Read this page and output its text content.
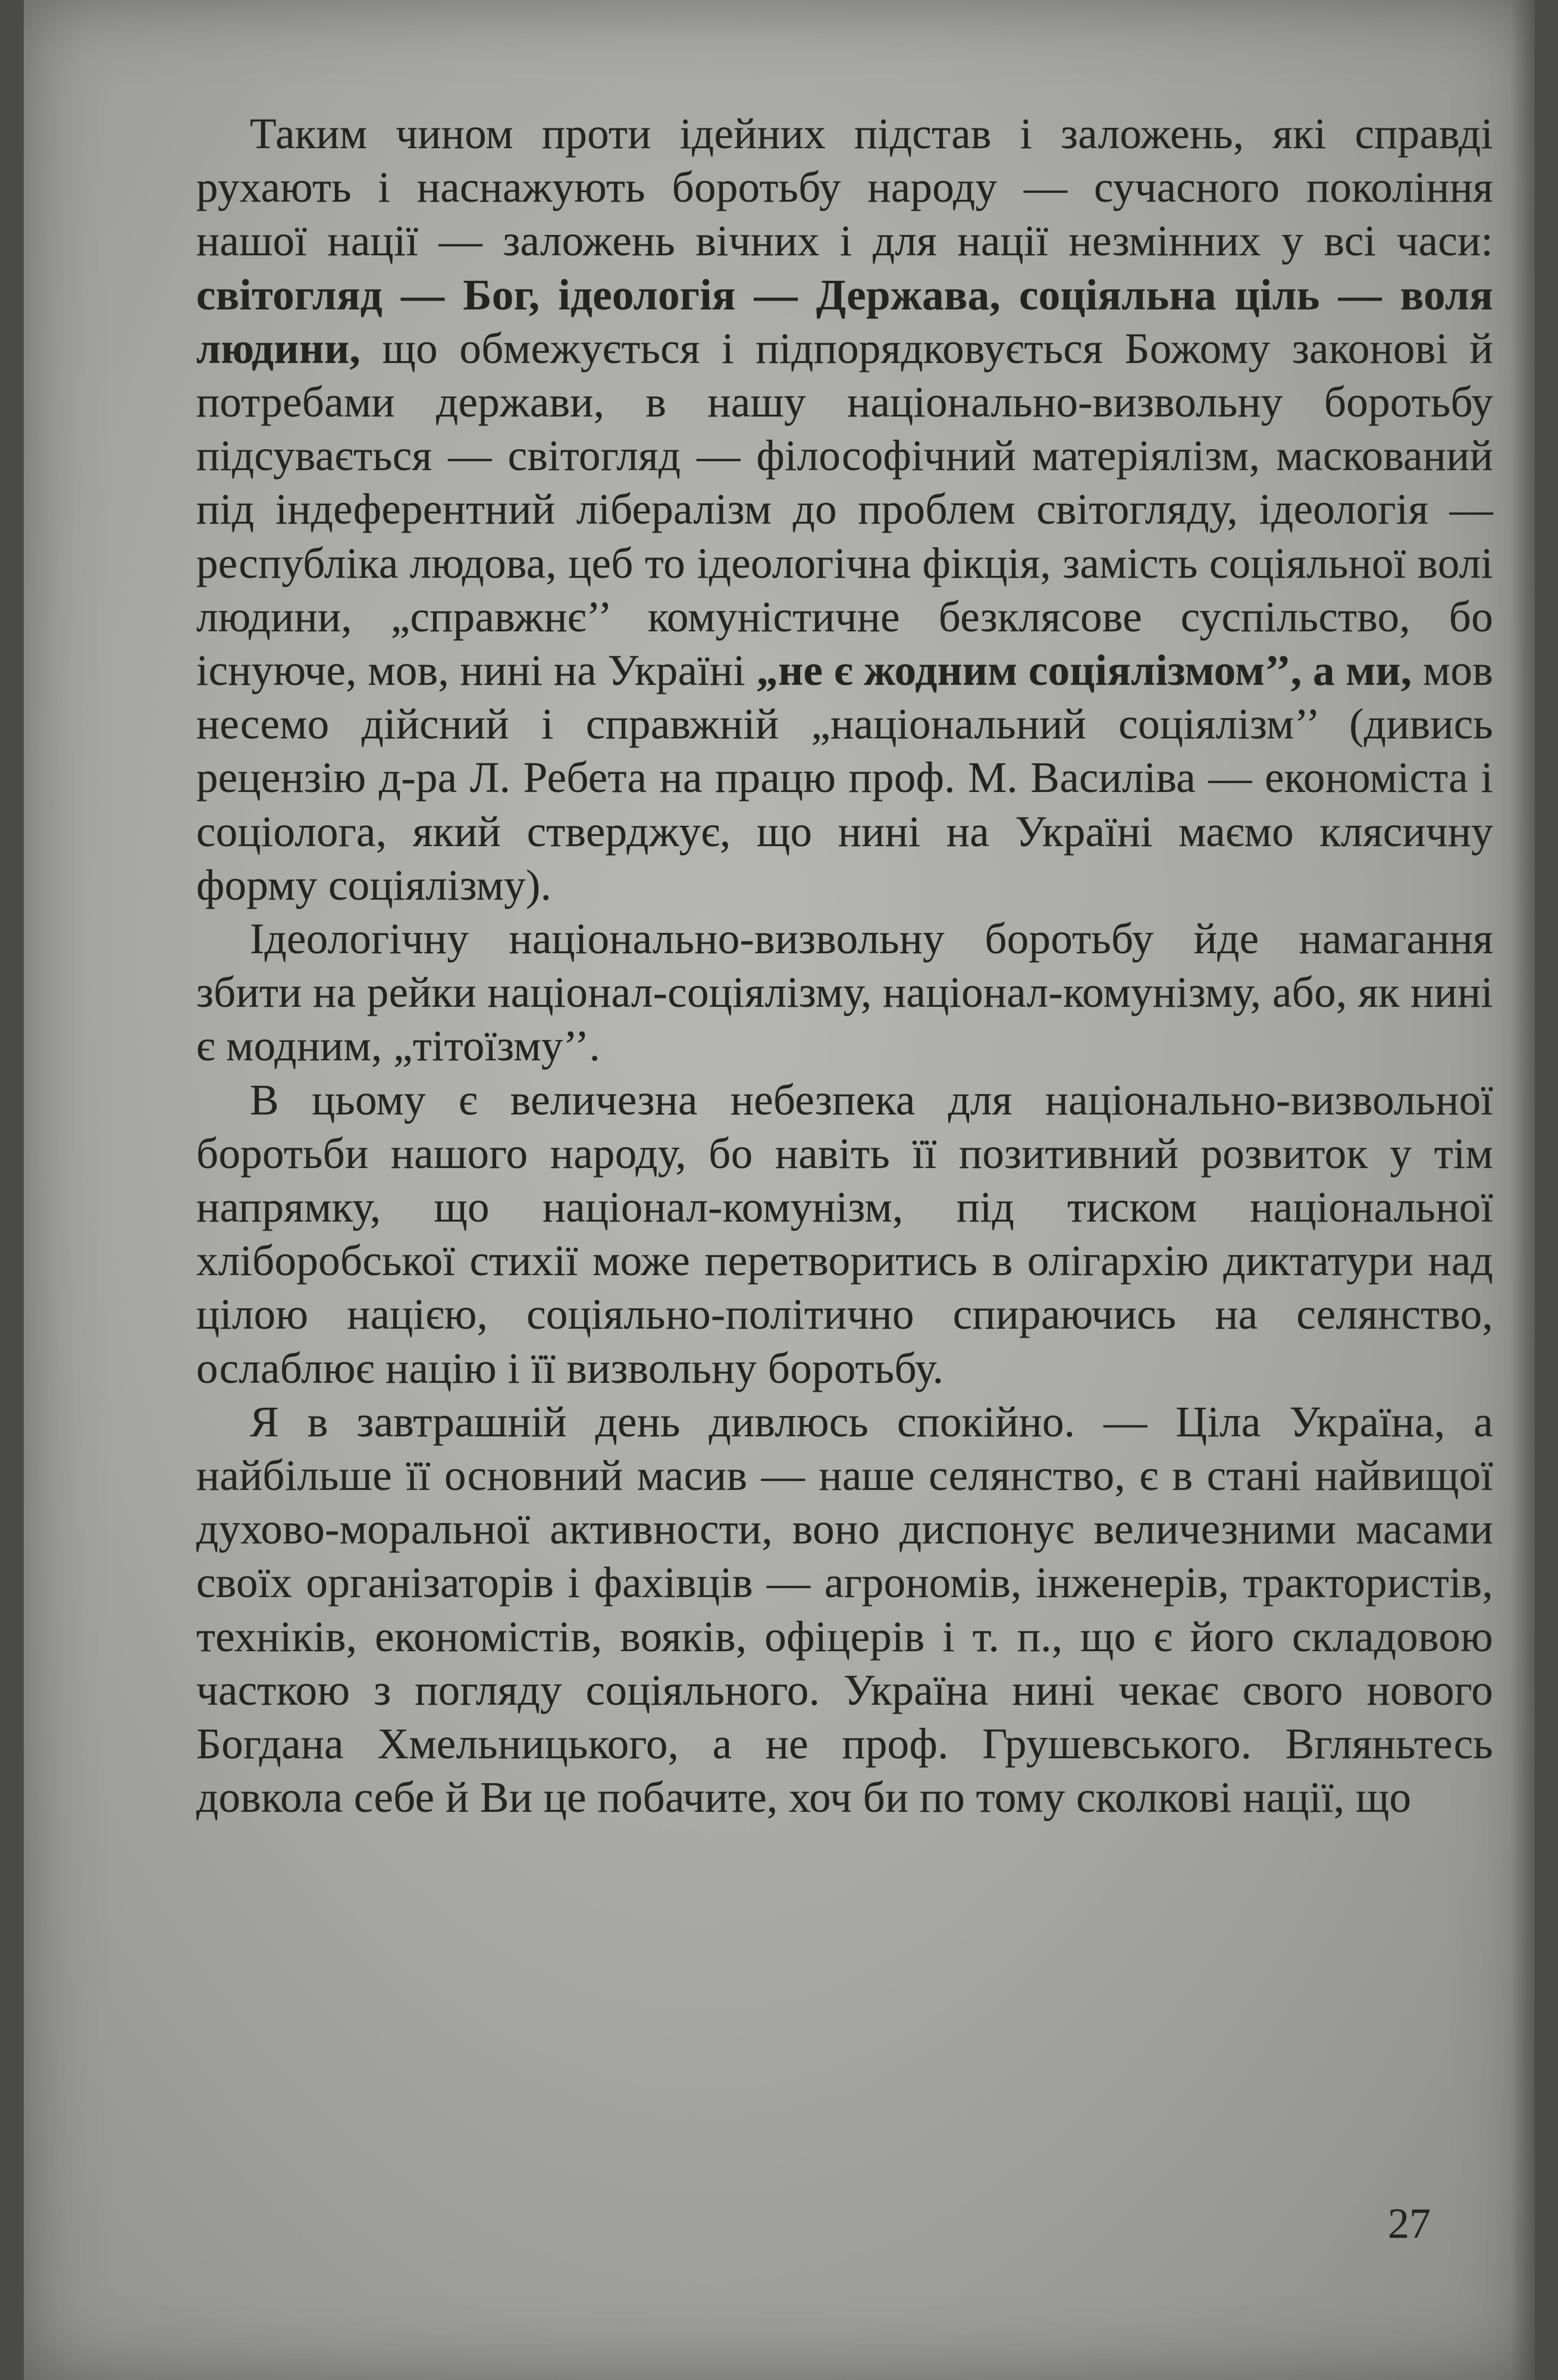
Таким чином проти ідейних підстав і заложень, які справді рухають і наснажують боротьбу народу — сучасного покоління нашої нації — заложень вічних і для нації незмінних у всі часи: світогляд — Бог, ідеологія — Держава, соціяльна ціль — воля людини, що обмежується і підпорядковується Божому законові й потребами держави, в нашу національно-визвольну боротьбу підсувається — світогляд — філософічний матеріялізм, маскований під індеферентний лібералізм до проблем світогляду, ідеологія — республіка людова, цеб то ідеологічна фікція, замість соціяльної волі людини, „справжнє’’ комуністичне безклясове суспільство, бо існуюче, мов, нині на Україні „не є жодним соціялізмом’’, а ми, мов несемо дійсний і справжній „національний соціялізм’’ (дивись рецензію д-ра Л. Ребета на працю проф. М. Василіва — економіста і соціолога, який стверджує, що нині на Україні маємо клясичну форму соціялізму).

Ідеологічну національно-визвольну боротьбу йде намагання збити на рейки націонал-соціялізму, націонал-комунізму, або, як нині є модним, „тітоїзму’’.

В цьому є величезна небезпека для національно-визвольної боротьби нашого народу, бо навіть її позитивний розвиток у тім напрямку, що націонал-комунізм, під тиском національної хліборобської стихії може перетворитись в олігархію диктатури над цілою нацією, соціяльно-політично спираючись на селянство, ослаблює націю і її визвольну боротьбу.

Я в завтрашній день дивлюсь спокійно. — Ціла Україна, а найбільше її основний масив — наше селянство, є в стані найвищої духово-моральної активности, воно диспонує величезними масами своїх організаторів і фахівців — агрономів, інженерів, трактористів, техніків, економістів, вояків, офіцерів і т. п., що є його складовою часткою з погляду соціяльного. Україна нині чекає свого нового Богдана Хмельницького, а не проф. Грушевського. Вгляньтесь довкола себе й Ви це побачите, хоч би по тому сколкові нації, що

27
